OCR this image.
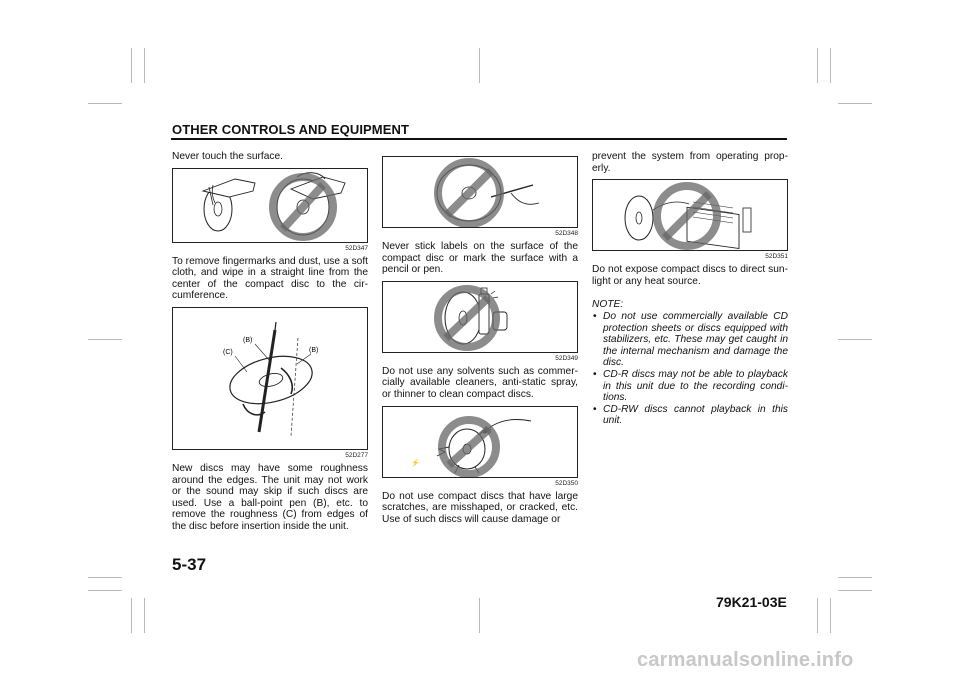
OTHER CONTROLS AND EQUIPMENT

Never touch the surface.

52D347

To remove fingermarks and dust, use a soft cloth, and wipe in a straight line from the center of the compact disc to the cir-cumference.

(B)
(C)	(B)
52D277

New discs may have some roughness around the edges. The unit may not work or the sound may skip if such discs are used. Use a ball-point pen (B), etc. to remove the roughness (C) from edges of the disc before insertion inside the unit.

52D348

Never stick labels on the surface of the compact disc or mark the surface with a pencil or pen.

52D349

Do not use any solvents such as commer-cially available cleaners, anti-static spray, or thinner to clean compact discs.

⚡
52D350

Do not use compact discs that have large scratches, are misshaped, or cracked, etc. Use of such discs will cause damage or

prevent the system from operating prop-erly.

52D351

Do not expose compact discs to direct sun-light or any heat source.

NOTE:
• Do not use commercially available CD protection sheets or discs equipped with stabilizers, etc. These may get caught in the internal mechanism and damage the disc.
• CD-R discs may not be able to playback in this unit due to the recording condi-tions.
• CD-RW discs cannot playback in this unit.
5-37
79K21-03E
carmanualsonline.info
